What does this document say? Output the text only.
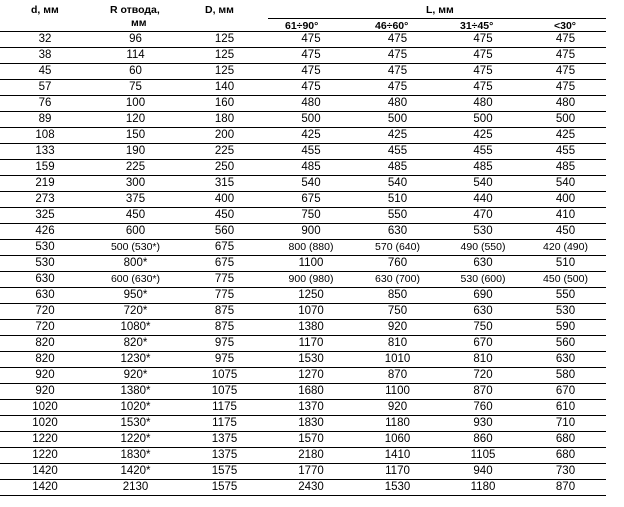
d, мм	R отвода,
мм
D, мм	L, мм
61÷90°	46÷60°	31÷45°	<30°
32	96	125	475	475	475	475
38	114	125	475	475	475	475
45	60	125	475	475	475	475
57	75	140	475	475	475	475
76	100	160	480	480	480	480
89	120	180	500	500	500	500
108	150	200	425	425	425	425
133	190	225	455	455	455	455
159	225	250	485	485	485	485
219	300	315	540	540	540	540
273	375	400	675	510	440	400
325	450	450	750	550	470	410
426	600	560	900	630	530	450
530	500 (530*)	675	800 (880)	570 (640)	490 (550)	420 (490)
530	800*	675	1100	760	630	510
630	600 (630*)	775	900 (980)	630 (700)	530 (600)	450 (500)
630	950*	775	1250	850	690	550
720	720*	875	1070	750	630	530
720	1080*	875	1380	920	750	590
820	820*	975	1170	810	670	560
820	1230*	975	1530	1010	810	630
920	920*	1075	1270	870	720	580
920	1380*	1075	1680	1100	870	670
1020	1020*	1175	1370	920	760	610
1020	1530*	1175	1830	1180	930	710
1220	1220*	1375	1570	1060	860	680
1220	1830*	1375	2180	1410	1105	680
1420	1420*	1575	1770	1170	940	730
1420	2130	1575	2430	1530	1180	870
